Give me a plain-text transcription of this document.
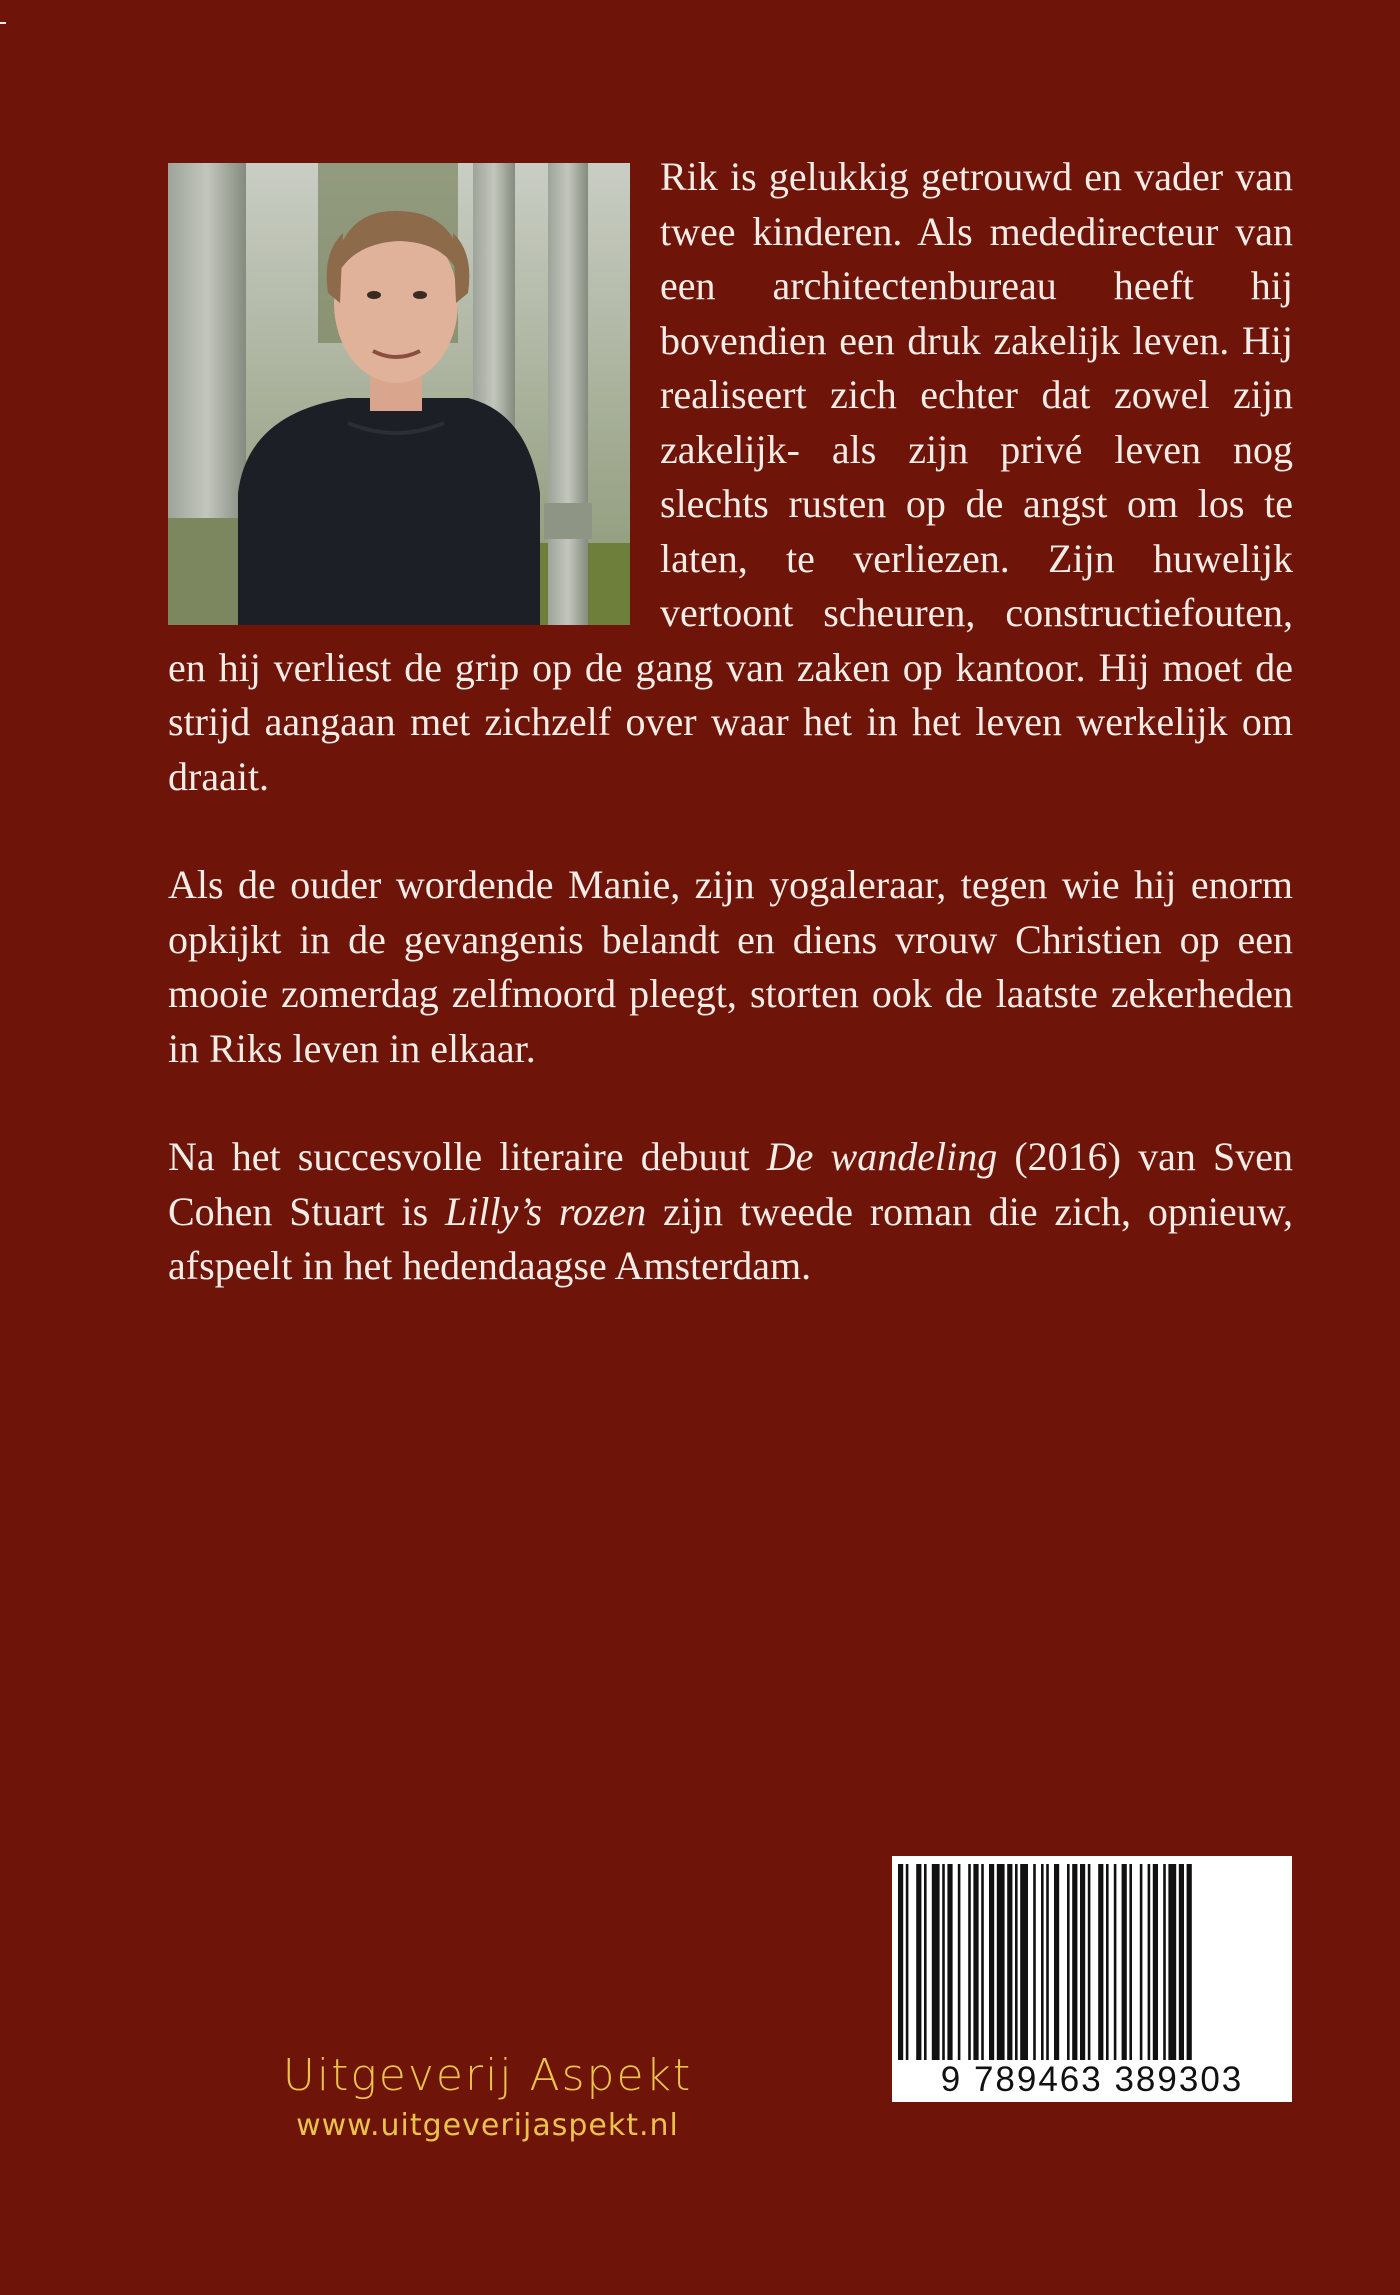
Rik is gelukkig getrouwd en vader van twee kinderen. Als mededirecteur van een architectenbureau heeft hij bovendien een druk zakelijk leven. Hij realiseert zich echter dat zowel zijn zakelijk- als zijn privé leven nog slechts rusten op de angst om los te laten, te verliezen. Zijn huwelijk vertoont scheuren, constructiefouten, en hij verliest de grip op de gang van zaken op kantoor. Hij moet de strijd aangaan met zichzelf over waar het in het leven werkelijk om draait.

Als de ouder wordende Manie, zijn yogaleraar, tegen wie hij enorm opkijkt in de gevangenis belandt en diens vrouw Christien op een mooie zomerdag zelfmoord pleegt, storten ook de laatste zekerheden in Riks leven in elkaar.

Na het succesvolle literaire debuut De wandeling (2016) van Sven Cohen Stuart is Lilly’s rozen zijn tweede roman die zich, opnieuw, afspeelt in het hedendaagse Amsterdam.

Uitgeverij Aspekt
www.uitgeverijaspekt.nl
9 789463 389303
